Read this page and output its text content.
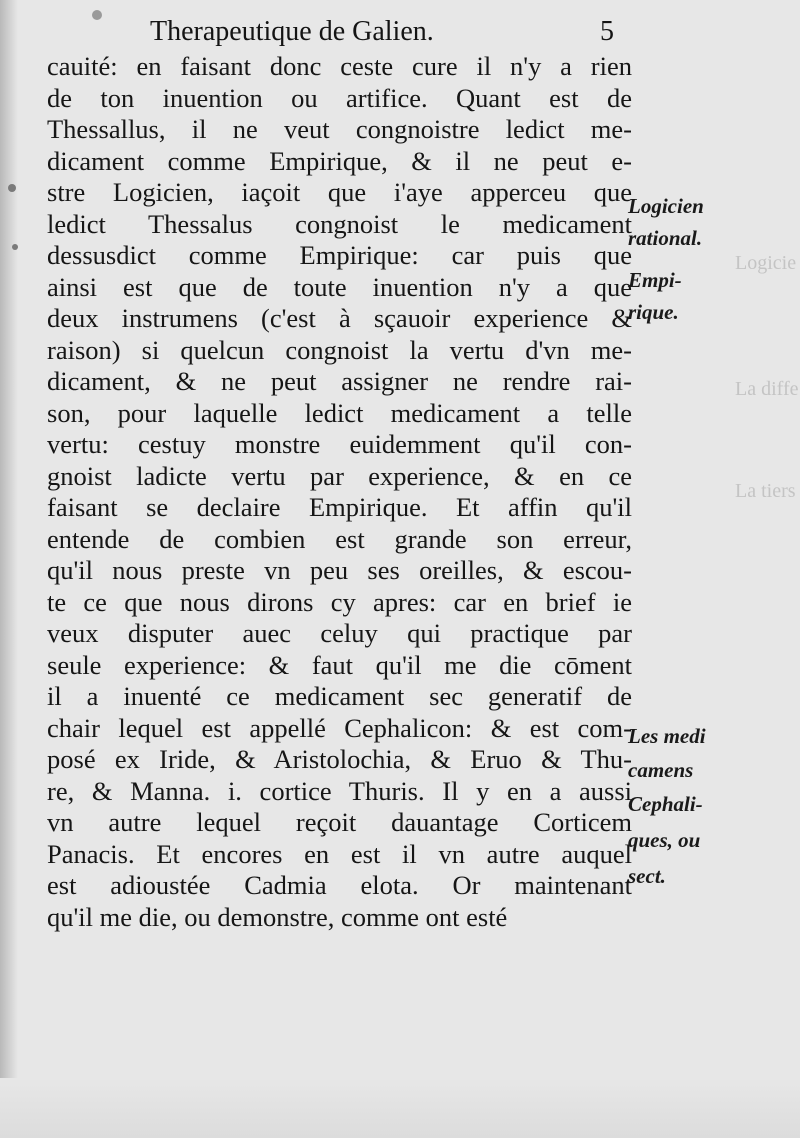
Logicie
La diffe
La tiers
Therapeutique de Galien.	5
cauité: en faisant donc ceste cure il n'y a rien
de ton inuention ou artifice. Quant est de
Thessallus, il ne veut congnoistre ledict me-
dicament comme Empirique, & il ne peut e-
stre Logicien, iaçoit que i'aye apperceu que
ledict Thessalus congnoist le medicament
dessusdict comme Empirique: car puis que
ainsi est que de toute inuention n'y a que
deux instrumens (c'est à sçauoir experience &
raison) si quelcun congnoist la vertu d'vn me-
dicament, & ne peut assigner ne rendre rai-
son, pour laquelle ledict medicament a telle
vertu: cestuy monstre euidemment qu'il con-
gnoist ladicte vertu par experience, & en ce
faisant se declaire Empirique. Et affin qu'il
entende de combien est grande son erreur,
qu'il nous preste vn peu ses oreilles, & escou-
te ce que nous dirons cy apres: car en brief ie
veux disputer auec celuy qui practique par
seule experience: & faut qu'il me die cōment
il a inuenté ce medicament sec generatif de
chair lequel est appellé Cephalicon: & est com-
posé ex Iride, & Aristolochia, & Eruo & Thu-
re, & Manna. i. cortice Thuris. Il y en a aussi
vn autre lequel reçoit dauantage Corticem
Panacis. Et encores en est il vn autre auquel
est adioustée Cadmia elota. Or maintenant
qu'il me die, ou demonstre, comme ont esté
Logicien
rational.
Empi-
rique.
Les medi
camens
Cephali-
ques, ou
sect.
